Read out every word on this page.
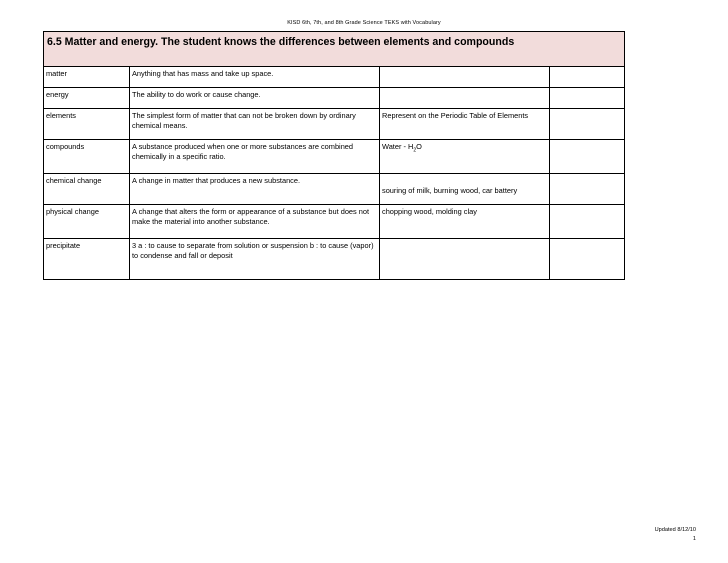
KISD 6th, 7th, and 8th Grade Science TEKS with Vocabulary
6.5 Matter and energy. The student knows the differences between elements and compounds			
matter	Anything that has mass and take up space.		
energy	The ability to do work or cause change.		
elements	The simplest form of matter that can not be broken down by ordinary chemical means.	Represent on the Periodic Table of Elements	
compounds	A substance produced when one or more substances are combined chemically in a specific ratio.	Water - $H_2O$	
chemical change	A change in matter that produces a new substance.	souring of milk, burning wood, car battery	

physical change	A change that alters the form or appearance of a substance but does not make the material into another substance.	chopping wood, molding clay	
precipitate	3 a : to cause to separate from solution or suspension b : to cause (vapor) to condense and fall or deposit		
Updated 8/12/10
1
